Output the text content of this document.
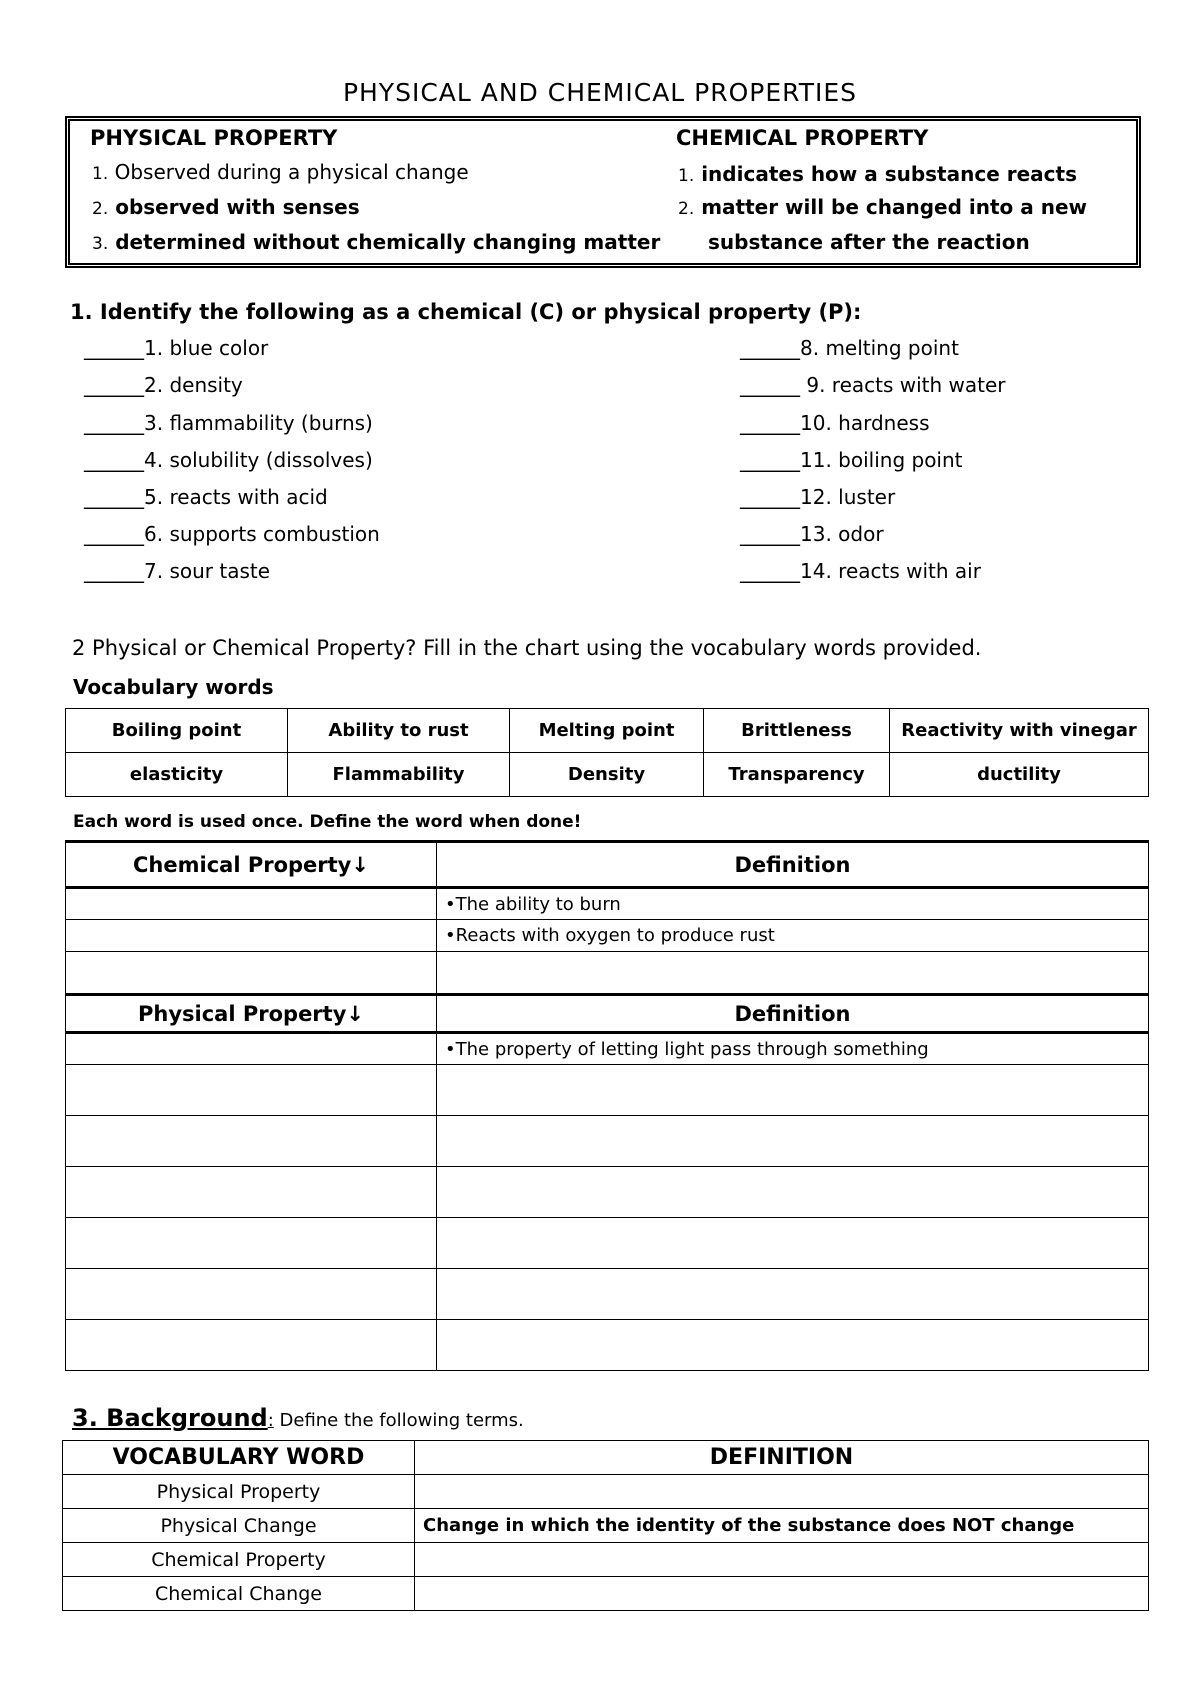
PHYSICAL AND CHEMICAL PROPERTIES
PHYSICAL PROPERTY	CHEMICAL PROPERTY
1. Observed during a physical change
2. observed with senses
3. determined without chemically changing matter
1. indicates how a substance reacts
2. matter will be changed into a new
substance after the reaction
1. Identify the following as a chemical (C) or physical property (P):
______1. blue color
______2. density
______3. flammability (burns)
______4. solubility (dissolves)
______5. reacts with acid
______6. supports combustion
______7. sour taste
______8. melting point
______ 9. reacts with water
______10. hardness
______11. boiling point
______12. luster
______13. odor
______14. reacts with air
2 Physical or Chemical Property? Fill in the chart using the vocabulary words provided.
Vocabulary words
Boiling point	Ability to rust	Melting point	Brittleness	Reactivity with vinegar
elasticity	Flammability	Density	Transparency	ductility
Each word is used once. Define the word when done!
Chemical Property↓	Definition
	•The ability to burn
	•Reacts with oxygen to produce rust

Physical Property↓	Definition
	•The property of letting light pass through something

3. Background: Define the following terms.
VOCABULARY WORD	DEFINITION
Physical Property	
Physical Change	Change in which the identity of the substance does NOT change
Chemical Property	
Chemical Change	
